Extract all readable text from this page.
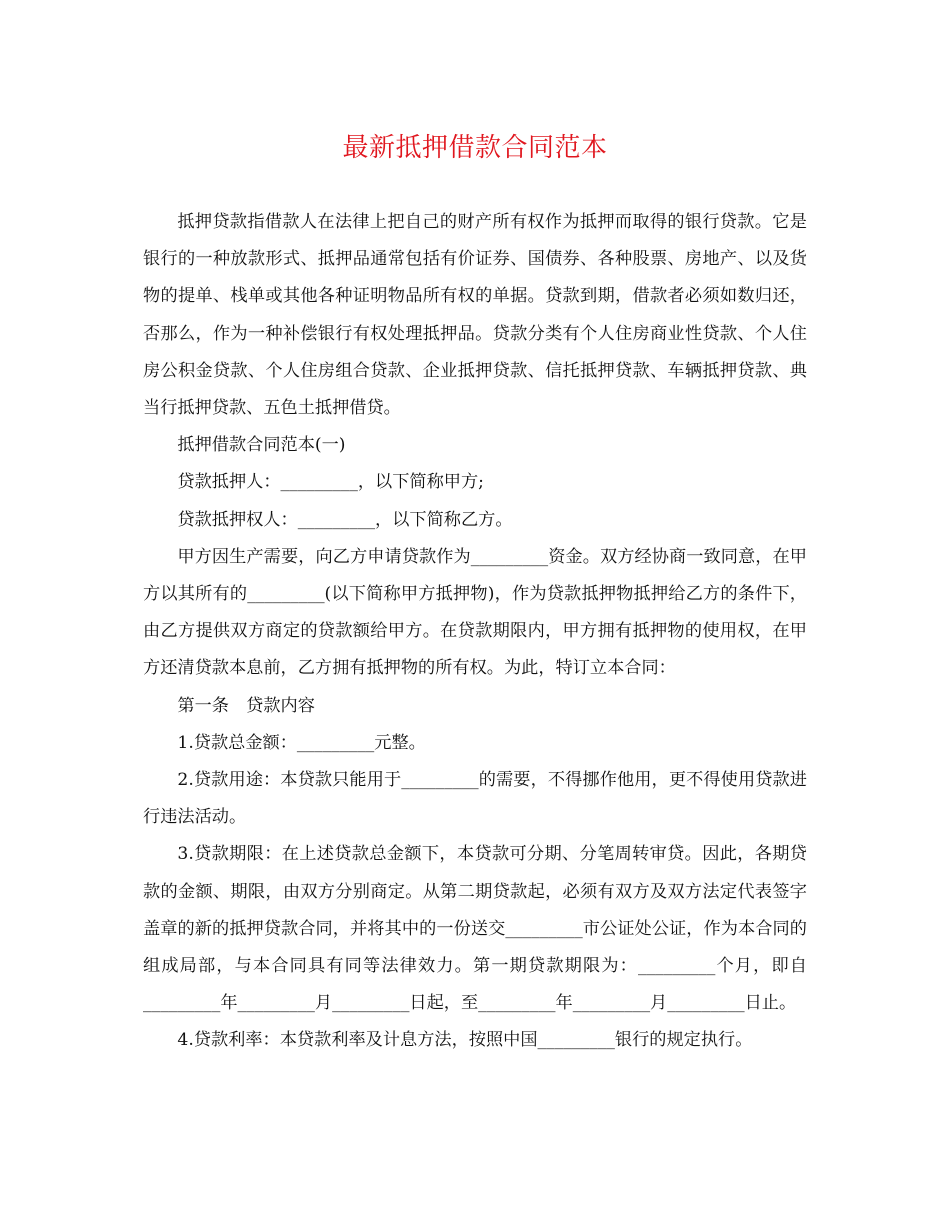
最新抵押借款合同范本

抵押贷款指借款人在法律上把自己的财产所有权作为抵押而取得的银行贷款。它是银行的一种放款形式、抵押品通常包括有价证券、国债券、各种股票、房地产、以及货物的提单、栈单或其他各种证明物品所有权的单据。贷款到期，借款者必须如数归还，否那么，作为一种补偿银行有权处理抵押品。贷款分类有个人住房商业性贷款、个人住房公积金贷款、个人住房组合贷款、企业抵押贷款、信托抵押贷款、车辆抵押贷款、典当行抵押贷款、五色土抵押借贷。

抵押借款合同范本(一)

贷款抵押人：_________，以下简称甲方;

贷款抵押权人：_________，以下简称乙方。

甲方因生产需要，向乙方申请贷款作为_________资金。双方经协商一致同意，在甲方以其所有的_________(以下简称甲方抵押物)，作为贷款抵押物抵押给乙方的条件下，由乙方提供双方商定的贷款额给甲方。在贷款期限内，甲方拥有抵押物的使用权，在甲方还清贷款本息前，乙方拥有抵押物的所有权。为此，特订立本合同：

第一条　贷款内容

1.贷款总金额：_________元整。

2.贷款用途：本贷款只能用于_________的需要，不得挪作他用，更不得使用贷款进行违法活动。

3.贷款期限：在上述贷款总金额下，本贷款可分期、分笔周转审贷。因此，各期贷款的金额、期限，由双方分别商定。从第二期贷款起，必须有双方及双方法定代表签字盖章的新的抵押贷款合同，并将其中的一份送交_________市公证处公证，作为本合同的组成局部，与本合同具有同等法律效力。第一期贷款期限为：_________个月，即自_________年_________月_________日起，至_________年_________月_________日止。

4.贷款利率：本贷款利率及计息方法，按照中国_________银行的规定执行。
